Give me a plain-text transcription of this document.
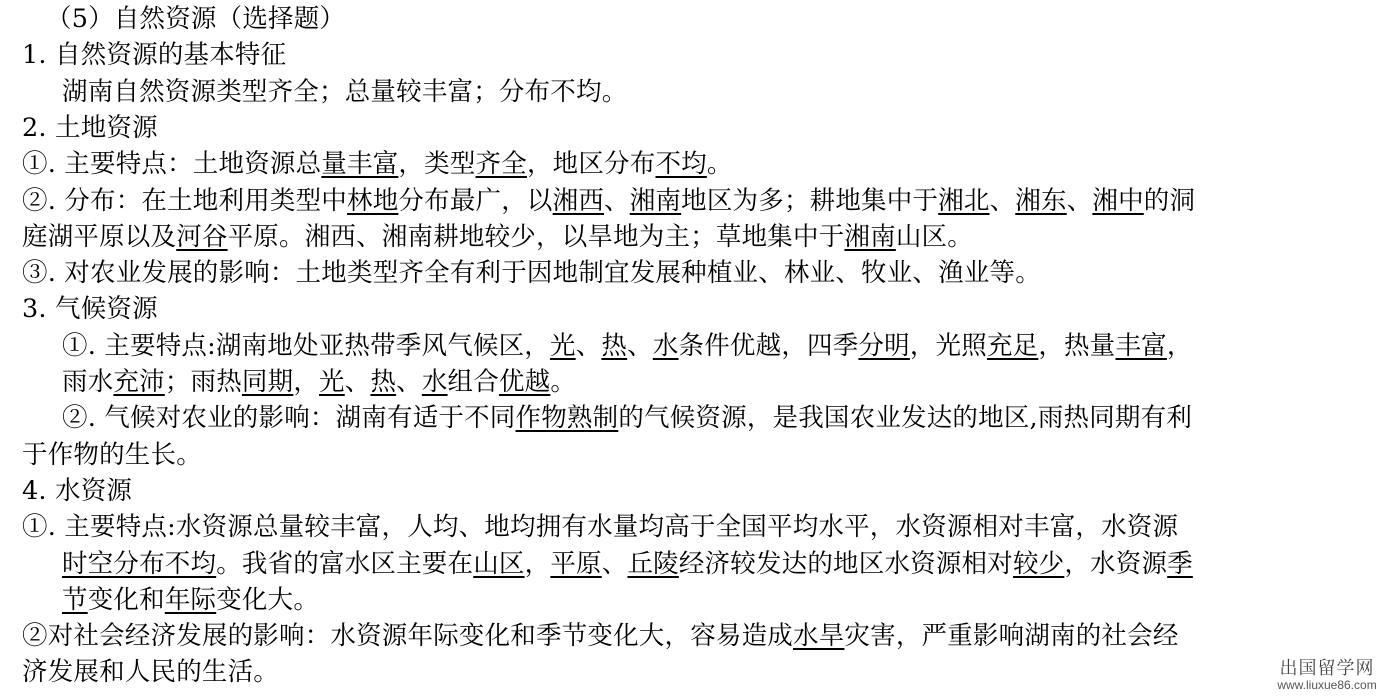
（5）自然资源（选择题）
1. 自然资源的基本特征
湖南自然资源类型齐全；总量较丰富；分布不均。
2. 土地资源
①. 主要特点：土地资源总量丰富，类型齐全，地区分布不均。
②. 分布：在土地利用类型中林地分布最广，以湘西、湘南地区为多；耕地集中于湘北、湘东、湘中的洞
庭湖平原以及河谷平原。湘西、湘南耕地较少，以旱地为主；草地集中于湘南山区。
③. 对农业发展的影响：土地类型齐全有利于因地制宜发展种植业、林业、牧业、渔业等。
3. 气候资源
①. 主要特点:湖南地处亚热带季风气候区，光、热、水条件优越，四季分明，光照充足，热量丰富，
雨水充沛；雨热同期，光、热、水组合优越。
②. 气候对农业的影响：湖南有适于不同作物熟制的气候资源，是我国农业发达的地区,雨热同期有利
于作物的生长。
4. 水资源
①. 主要特点:水资源总量较丰富，人均、地均拥有水量均高于全国平均水平，水资源相对丰富，水资源
时空分布不均。我省的富水区主要在山区，平原、丘陵经济较发达的地区水资源相对较少，水资源季
节变化和年际变化大。
②对社会经济发展的影响：水资源年际变化和季节变化大，容易造成水旱灾害，严重影响湖南的社会经
济发展和人民的生活。	出国留学网
www.liuxue86.com
